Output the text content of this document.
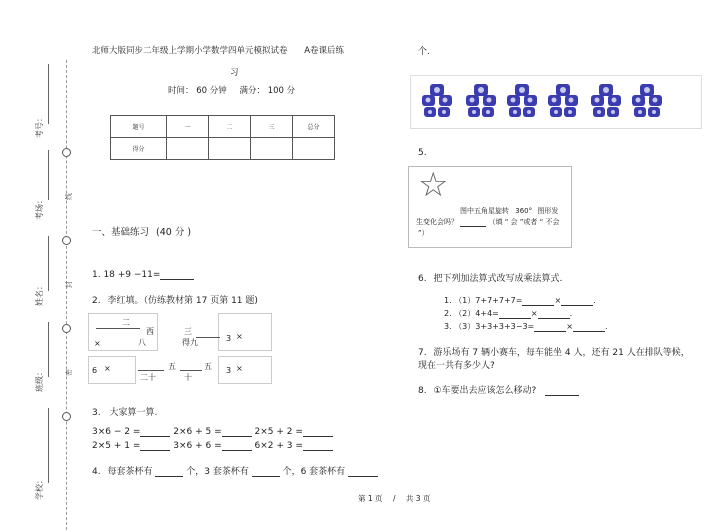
线
封
密
考号：
考场：
姓名：
班级：
学校：
北师大版同步二年级上学期小学数学四单元模拟试卷 A卷课后练
习
时间： 60 分钟 满分： 100 分
题号	一	二	三	总分
得分				
一、基础练习 (40 分 )
1. 18 +9 −11=
2. 李红填。（仿练教材第 17 页第 11 题)
二
西
八
×
三
得九	3 ×
五	五
6 ×
二十	十
3 ×
3. 大家算一算.
3×6 − 2 =	2×6 + 5 =	2×5 + 2 =
2×5 + 1 =	3×6 + 6 =	6×2 + 3 =
4. 每套茶杯有	个，3 套茶杯有	个，6 套茶杯有
个.
5.
☆
图中五角星旋转 360° 图形发
生变化会吗？	（填 “ 会 ”或者 “ 不会
”）
6. 把下列加法算式改写成乘法算式.
1. （1）7+7+7+7=	×	.
2. （2）4+4=	×	.
3. （3）3+3+3+3−3=	×	.
7. 游乐场有 7 辆小赛车，每车能坐 4 人，还有 21 人在排队等候，
现在一共有多少人?
8. ①车要出去应该怎么移动?
第 1 页 / 共 3 页
